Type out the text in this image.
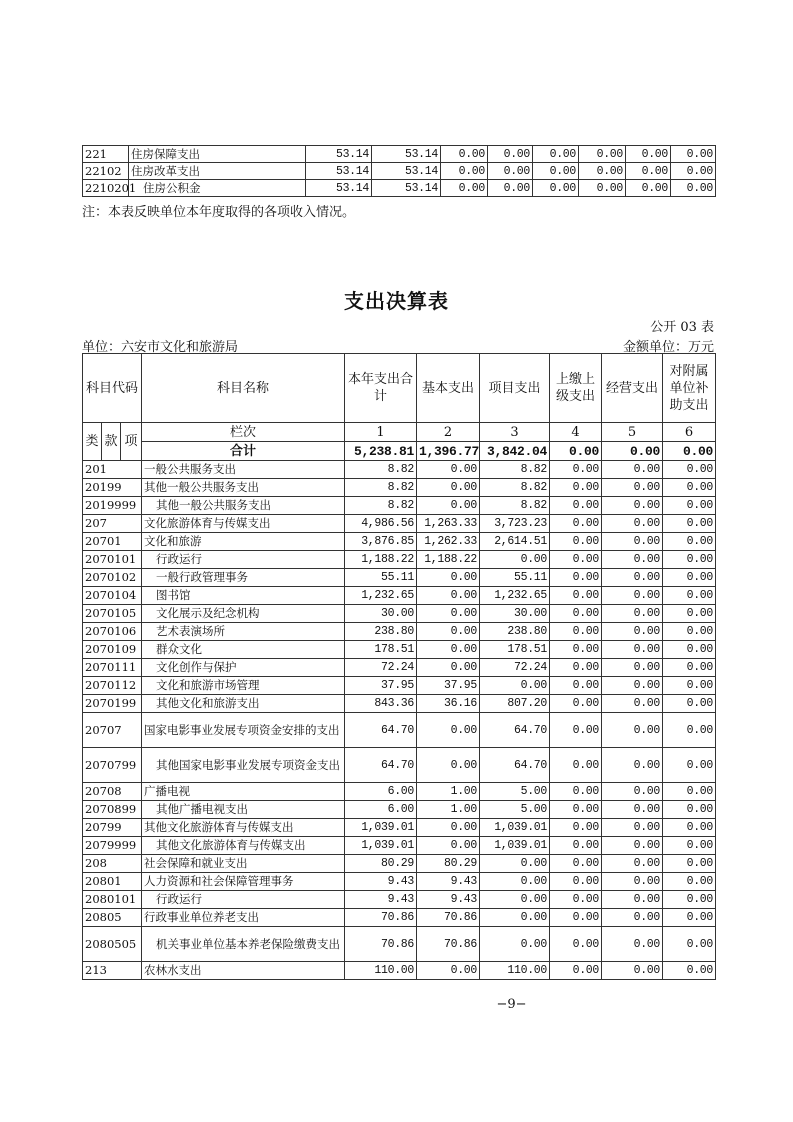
221	住房保障支出	53.14	53.14	0.00	0.00	0.00	0.00	0.00	0.00
22102	住房改革支出	53.14	53.14	0.00	0.00	0.00	0.00	0.00	0.00
2210201	住房公积金	53.14	53.14	0.00	0.00	0.00	0.00	0.00	0.00
注：本表反映单位本年度取得的各项收入情况。
支出决算表
公开 03 表
单位：六安市文化和旅游局	金额单位：万元
科目代码			科目名称	本年支出合计	基本支出	项目支出	上缴上级支出	经营支出	对附属单位补助支出
类	款	项	栏次	1	2	3	4	5	6
			合计	5,238.81	1,396.77	3,842.04	0.00	0.00	0.00
201			一般公共服务支出	8.82	0.00	8.82	0.00	0.00	0.00
20199			其他一般公共服务支出	8.82	0.00	8.82	0.00	0.00	0.00
2019999			其他一般公共服务支出	8.82	0.00	8.82	0.00	0.00	0.00
207			文化旅游体育与传媒支出	4,986.56	1,263.33	3,723.23	0.00	0.00	0.00
20701			文化和旅游	3,876.85	1,262.33	2,614.51	0.00	0.00	0.00
2070101			行政运行	1,188.22	1,188.22	0.00	0.00	0.00	0.00
2070102			一般行政管理事务	55.11	0.00	55.11	0.00	0.00	0.00
2070104			图书馆	1,232.65	0.00	1,232.65	0.00	0.00	0.00
2070105			文化展示及纪念机构	30.00	0.00	30.00	0.00	0.00	0.00
2070106			艺术表演场所	238.80	0.00	238.80	0.00	0.00	0.00
2070109			群众文化	178.51	0.00	178.51	0.00	0.00	0.00
2070111			文化创作与保护	72.24	0.00	72.24	0.00	0.00	0.00
2070112			文化和旅游市场管理	37.95	37.95	0.00	0.00	0.00	0.00
2070199			其他文化和旅游支出	843.36	36.16	807.20	0.00	0.00	0.00
20707			国家电影事业发展专项资金安排的支出	64.70	0.00	64.70	0.00	0.00	0.00
2070799			其他国家电影事业发展专项资金支出	64.70	0.00	64.70	0.00	0.00	0.00
20708			广播电视	6.00	1.00	5.00	0.00	0.00	0.00
2070899			其他广播电视支出	6.00	1.00	5.00	0.00	0.00	0.00
20799			其他文化旅游体育与传媒支出	1,039.01	0.00	1,039.01	0.00	0.00	0.00
2079999			其他文化旅游体育与传媒支出	1,039.01	0.00	1,039.01	0.00	0.00	0.00
208			社会保障和就业支出	80.29	80.29	0.00	0.00	0.00	0.00
20801			人力资源和社会保障管理事务	9.43	9.43	0.00	0.00	0.00	0.00
2080101			行政运行	9.43	9.43	0.00	0.00	0.00	0.00
20805			行政事业单位养老支出	70.86	70.86	0.00	0.00	0.00	0.00
2080505			机关事业单位基本养老保险缴费支出	70.86	70.86	0.00	0.00	0.00	0.00
213			农林水支出	110.00	0.00	110.00	0.00	0.00	0.00
−9−
